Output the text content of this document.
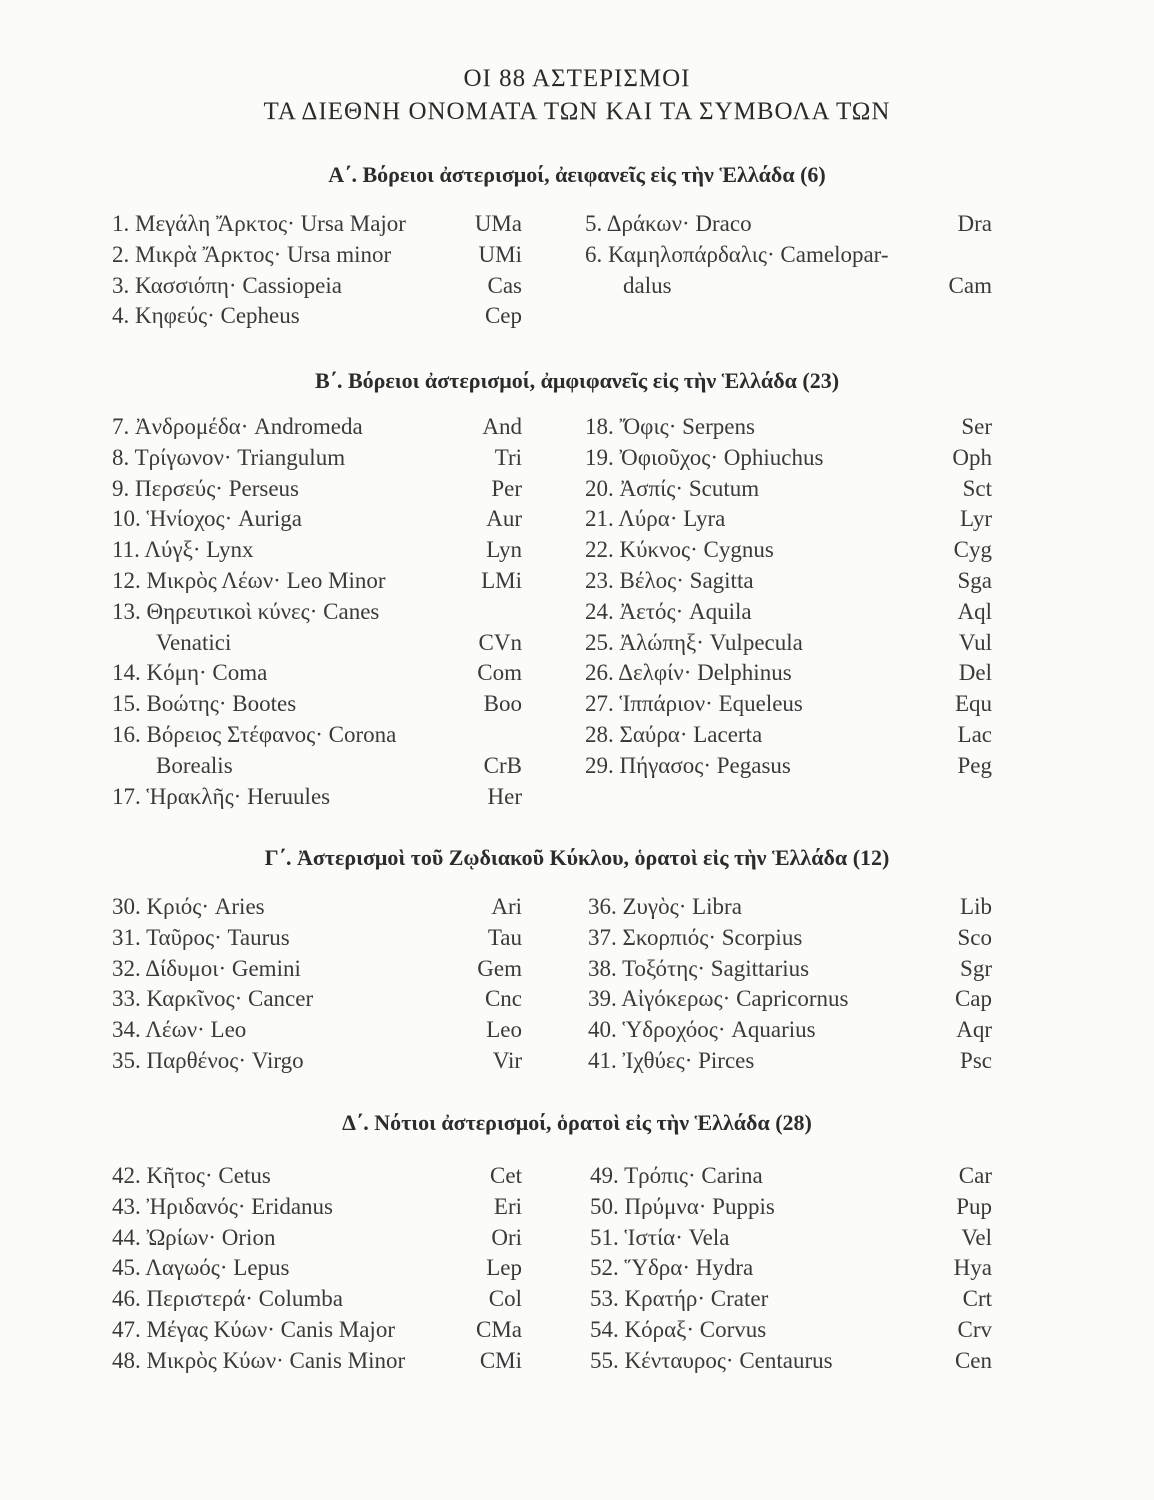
ΟΙ 88 ΑΣΤΕΡΙΣΜΟΙ
ΤΑ ΔΙΕΘΝΗ ΟΝΟΜΑΤΑ ΤΩΝ ΚΑΙ ΤΑ ΣΥΜΒΟΛΑ ΤΩΝ
Α΄. Βόρειοι ἀστερισμοί, ἀειφανεῖς εἰς τὴν Ἑλλάδα (6)
1. Μεγάλη Ἄρκτος· Ursa Major	UMa
2. Μικρὰ Ἄρκτος· Ursa minor	UMi
3. Κασσιόπη· Cassiopeia	Cas
4. Κηφεύς· Cepheus	Cep
5. Δράκων· Draco	Dra
6. Καμηλοπάρδαλις· Camelopar-
dalus	Cam
Β΄. Βόρειοι ἀστερισμοί, ἀμφιφανεῖς εἰς τὴν Ἑλλάδα (23)
7. Ἀνδρομέδα· Andromeda	And
8. Τρίγωνον· Triangulum	Tri
9. Περσεύς· Perseus	Per
10. Ἡνίοχος· Auriga	Aur
11. Λύγξ· Lynx	Lyn
12. Μικρὸς Λέων· Leo Minor	LMi
13. Θηρευτικοὶ κύνες· Canes
Venatici	CVn
14. Κόμη· Coma	Com
15. Βοώτης· Bootes	Boo
16. Βόρειος Στέφανος· Corona
Borealis	CrB
17. Ἡρακλῆς· Heruules	Her
18. Ὄφις· Serpens	Ser
19. Ὀφιοῦχος· Ophiuchus	Oph
20. Ἀσπίς· Scutum	Sct
21. Λύρα· Lyra	Lyr
22. Κύκνος· Cygnus	Cyg
23. Βέλος· Sagitta	Sga
24. Ἀετός· Aquila	Aql
25. Ἀλώπηξ· Vulpecula	Vul
26. Δελφίν· Delphinus	Del
27. Ἱππάριον· Equeleus	Equ
28. Σαύρα· Lacerta	Lac
29. Πήγασος· Pegasus	Peg
Γ΄. Ἀστερισμοὶ τοῦ Ζῳδιακοῦ Κύκλου, ὁρατοὶ εἰς τὴν Ἑλλάδα (12)
30. Κριός· Aries	Ari
31. Ταῦρος· Taurus	Tau
32. Δίδυμοι· Gemini	Gem
33. Καρκῖνος· Cancer	Cnc
34. Λέων· Leo	Leo
35. Παρθένος· Virgo	Vir
36. Ζυγὸς· Libra	Lib
37. Σκορπιός· Scorpius	Sco
38. Τοξότης· Sagittarius	Sgr
39. Αἰγόκερως· Capricornus	Cap
40. Ὑδροχόος· Aquarius	Aqr
41. Ἰχθύες· Pirces	Psc
Δ΄. Νότιοι ἀστερισμοί, ὁρατοὶ εἰς τὴν Ἑλλάδα (28)
42. Κῆτος· Cetus	Cet
43. Ἠριδανός· Eridanus	Eri
44. Ὠρίων· Orion	Ori
45. Λαγωός· Lepus	Lep
46. Περιστερά· Columba	Col
47. Μέγας Κύων· Canis Major	CMa
48. Μικρὸς Κύων· Canis Minor	CMi
49. Τρόπις· Carina	Car
50. Πρύμνα· Puppis	Pup
51. Ἱστία· Vela	Vel
52. Ὕδρα· Hydra	Hya
53. Κρατήρ· Crater	Crt
54. Κόραξ· Corvus	Crv
55. Κένταυρος· Centaurus	Cen
